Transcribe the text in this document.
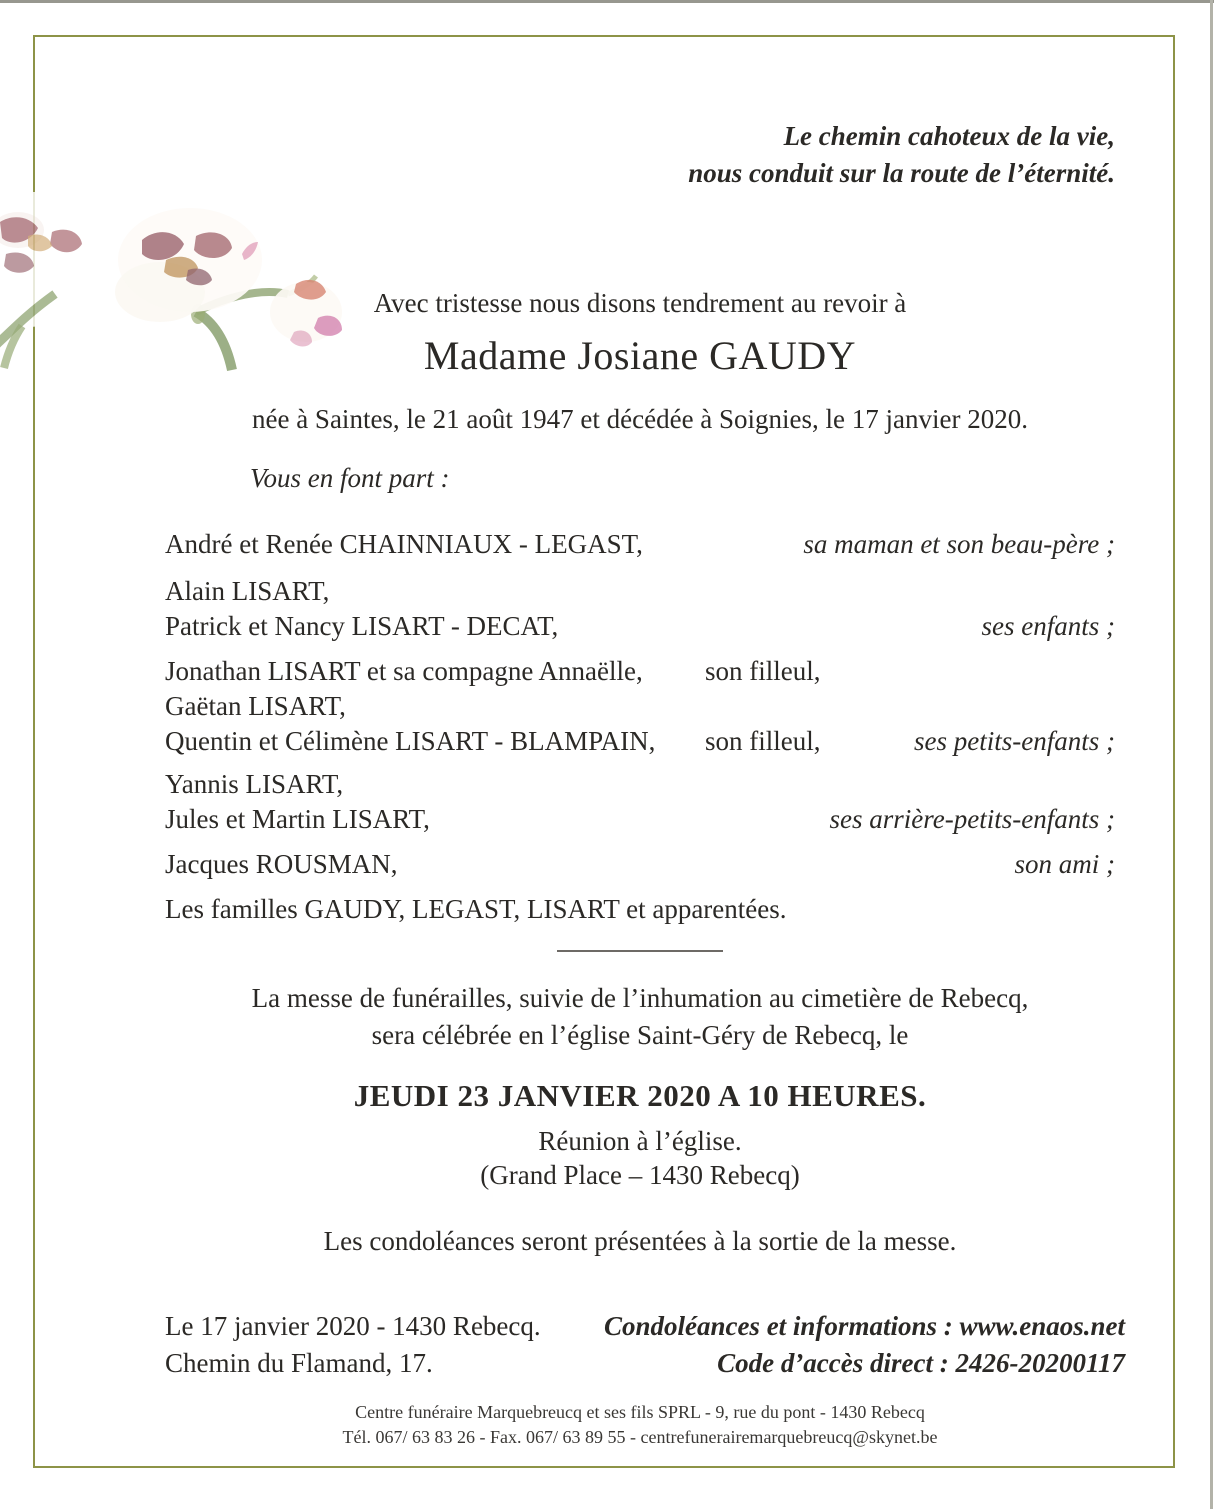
Le chemin cahoteux de la vie,
nous conduit sur la route de l’éternité.
Avec tristesse nous disons tendrement au revoir à
Madame Josiane GAUDY
née à Saintes, le 21 août 1947 et décédée à Soignies, le 17 janvier 2020.
Vous en font part :
André et Renée CHAINNIAUX - LEGAST,	sa maman et son beau-père ;
Alain LISART,
Patrick et Nancy LISART - DECAT,	ses enfants ;
Jonathan LISART et sa compagne Annaëlle, son filleul,
Gaëtan LISART,
Quentin et Célimène LISART - BLAMPAIN, son filleul,	ses petits-enfants ;
Yannis LISART,
Jules et Martin LISART,	ses arrière-petits-enfants ;
Jacques ROUSMAN,	son ami ;
Les familles GAUDY, LEGAST, LISART et apparentées.
La messe de funérailles, suivie de l’inhumation au cimetière de Rebecq,
sera célébrée en l’église Saint-Géry de Rebecq, le
JEUDI 23 JANVIER 2020 A 10 HEURES.
Réunion à l’église.
(Grand Place – 1430 Rebecq)
Les condoléances seront présentées à la sortie de la messe.
Le 17 janvier 2020 - 1430 Rebecq.
Chemin du Flamand, 17.
Condoléances et informations : www.enaos.net
Code d’accès direct : 2426-20200117
Centre funéraire Marquebreucq et ses fils SPRL - 9, rue du pont - 1430 Rebecq
Tél. 067/ 63 83 26 - Fax. 067/ 63 89 55 - centrefunerairemarquebreucq@skynet.be
